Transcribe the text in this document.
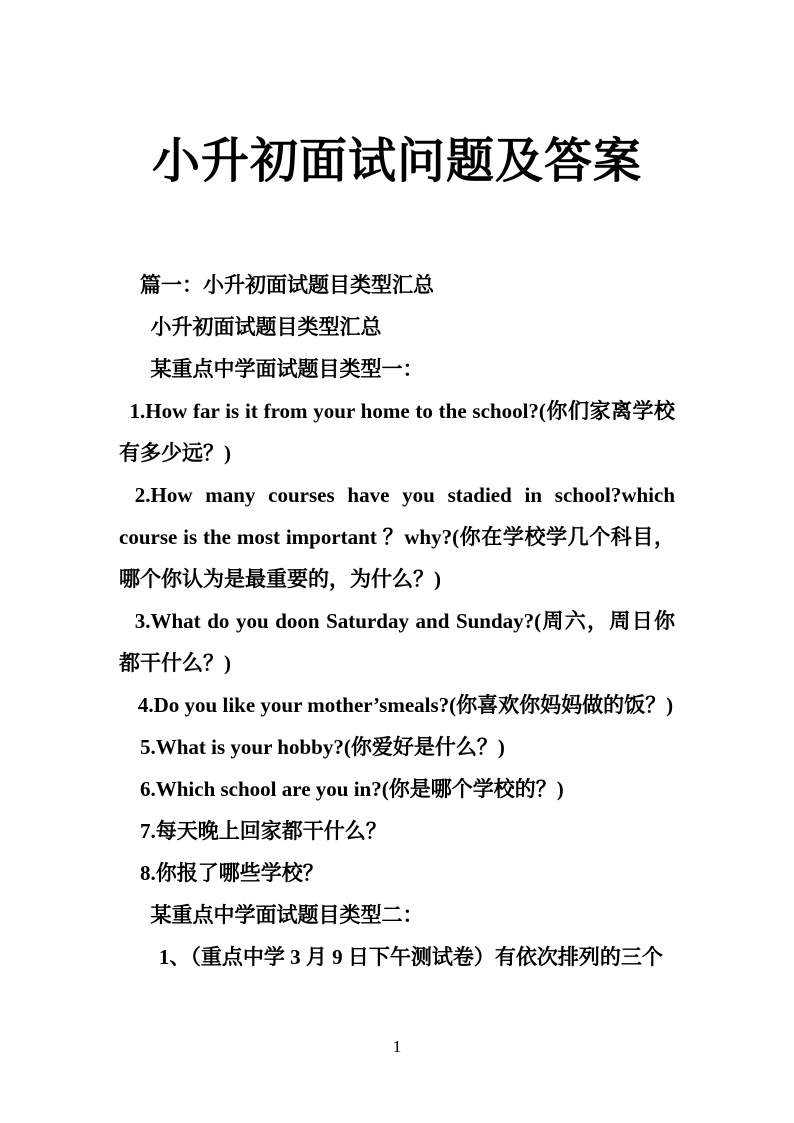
小升初面试问题及答案

篇一：小升初面试题目类型汇总

小升初面试题目类型汇总

某重点中学面试题目类型一：

1.How far is it from your home to the school?(你们家离学校有多少远？)

2.How many courses have you stadied in school?which course is the most important ？why?(你在学校学几个科目，哪个你认为是最重要的，为什么？)

3.What do you doon Saturday and Sunday?(周六，周日你都干什么？)

4.Do you like your mother’smeals?(你喜欢你妈妈做的饭？)

5.What is your hobby?(你爱好是什么？)

6.Which school are you in?(你是哪个学校的？)

7.每天晚上回家都干什么？

8.你报了哪些学校？

某重点中学面试题目类型二：

1、（重点中学 3 月 9 日下午测试卷）有依次排列的三个

1
